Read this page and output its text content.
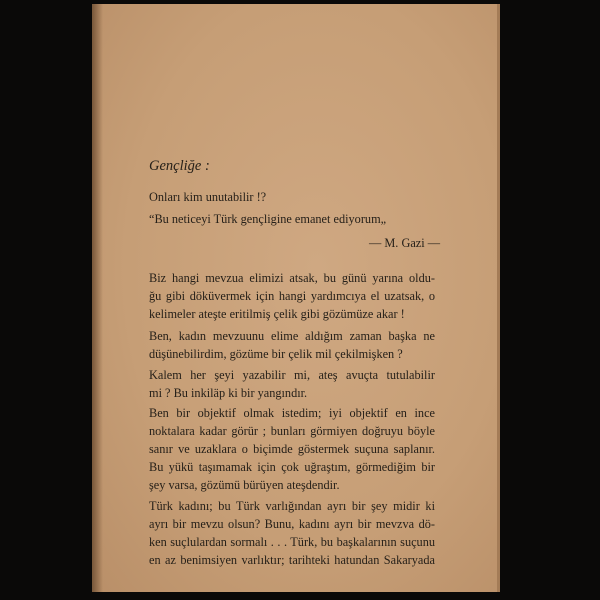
Gençliğe :
Onları kim unutabilir !?
“Bu neticeyi Türk gençligine emanet ediyorum„
— M. Gazi —
Biz hangi mevzua elimizi atsak, bu günü yarına oldu-
ğu gibi döküvermek için hangi yardımcıya el uzatsak, o
kelimeler ateşte eritilmiş çelik gibi gözümüze akar !
Ben, kadın mevzuunu elime aldığım zaman başka ne
düşünebilirdim, gözüme bir çelik mil çekilmişken ?
Kalem her şeyi yazabilir mi, ateş avuçta tutulabilir
mi ? Bu inkiläp ki bir yangındır.
Ben bir objektif olmak istedim; iyi objektif en ince
noktalara kadar görür ; bunları görmiyen doğruyu böyle
sanır ve uzaklara o biçimde göstermek suçuna saplanır.
Bu yükü taşımamak için çok uğraştım, görmediğim bir
şey varsa, gözümü bürüyen ateşdendir.
Türk kadını; bu Türk varlığından ayrı bir şey midir ki
ayrı bir mevzu olsun? Bunu, kadını ayrı bir mevzva dö-
ken suçlulardan sormalı . . . Türk, bu başkalarının suçunu
en az benimsiyen varlıktır; tarihteki hatundan Sakaryada
